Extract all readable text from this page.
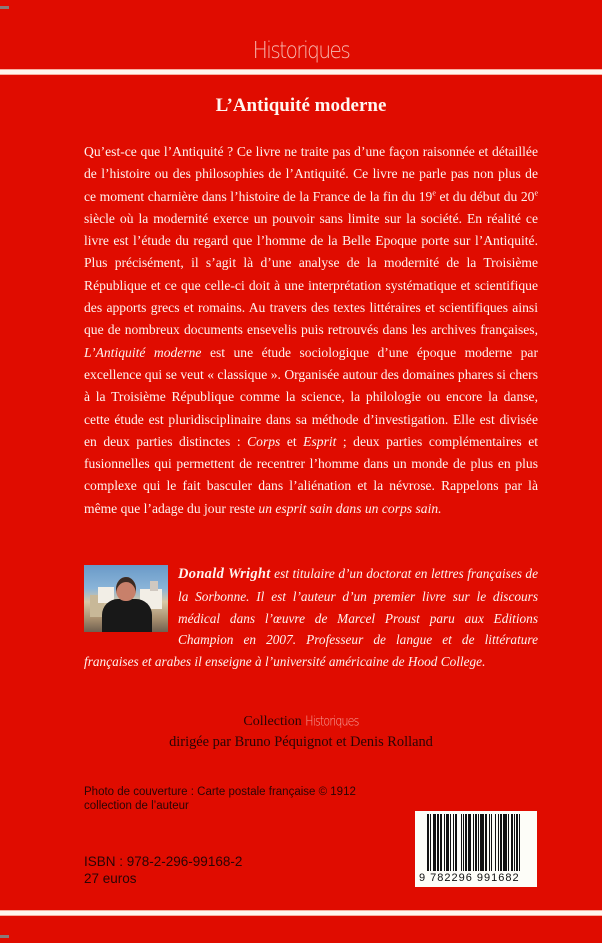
Historiques
L’Antiquité moderne
Qu’est-ce que l’Antiquité ? Ce livre ne traite pas d’une façon raisonnée et détaillée de l’histoire ou des philosophies de l’Antiquité. Ce livre ne parle pas non plus de ce moment charnière dans l’histoire de la France de la fin du 19e et du début du 20e siècle où la modernité exerce un pouvoir sans limite sur la société. En réalité ce livre est l’étude du regard que l’homme de la Belle Epoque porte sur l’Antiquité. Plus précisément, il s’agit là d’une analyse de la modernité de la Troisième République et ce que celle-ci doit à une interprétation systématique et scientifique des apports grecs et romains. Au travers des textes littéraires et scientifiques ainsi que de nombreux documents ensevelis puis retrouvés dans les archives françaises, L’Antiquité moderne est une étude sociologique d’une époque moderne par excellence qui se veut « classique ». Organisée autour des domaines phares si chers à la Troisième République comme la science, la philologie ou encore la danse, cette étude est pluridisciplinaire dans sa méthode d’investigation. Elle est divisée en deux parties distinctes : Corps et Esprit ; deux parties complémentaires et fusionnelles qui permettent de recentrer l’homme dans un monde de plus en plus complexe qui le fait basculer dans l’aliénation et la névrose. Rappelons par là même que l’adage du jour reste un esprit sain dans un corps sain.
Donald Wright est titulaire d’un doctorat en lettres françaises de la Sorbonne. Il est l’auteur d’un premier livre sur le discours médical dans l’œuvre de Marcel Proust paru aux Editions Champion en 2007. Professeur de langue et de littérature françaises et arabes il enseigne à l’université américaine de Hood College.
Collection Historiques
dirigée par Bruno Péquignot et Denis Rolland
Photo de couverture : Carte postale française © 1912
collection de l’auteur
ISBN : 978-2-296-99168-2
27 euros	9 782296 991682
